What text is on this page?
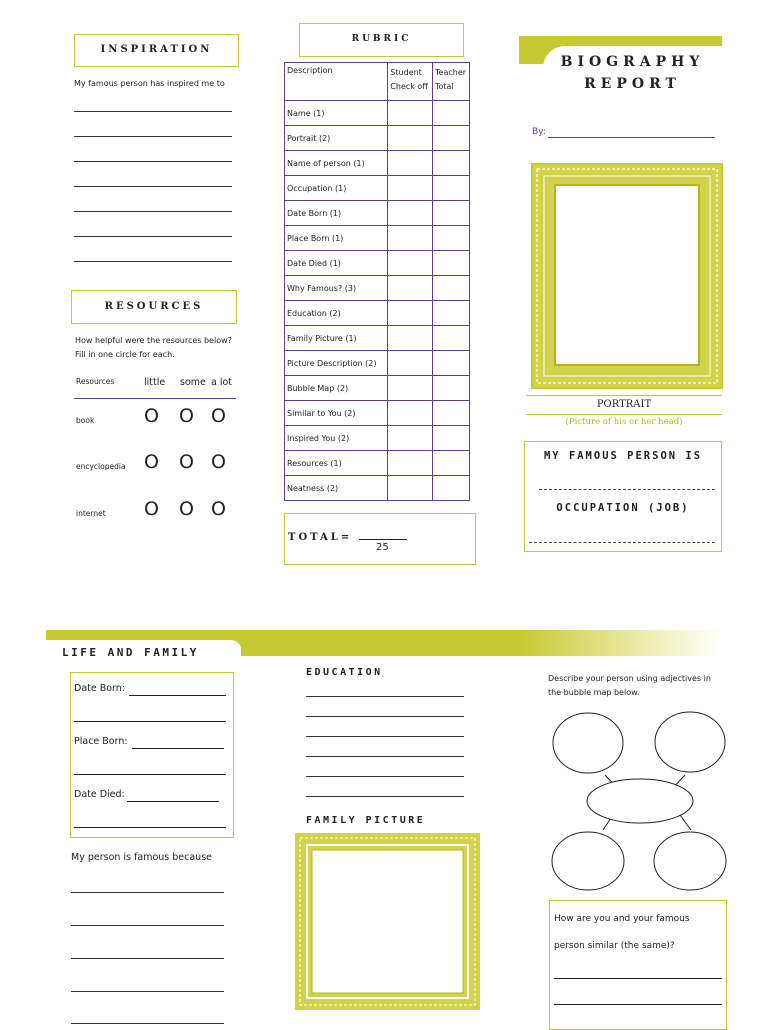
INSPIRATION
My famous person has inspired me to
RESOURCES
How helpful were the resources below? Fill in one circle for each.
Resources	little some a lot
book	O O O
encyclopedia O O O
internet O O O
RUBRIC
Description	Student Check off	Teacher Total
Name (1)		
Portrait (2)		
Name of person (1)		
Occupation (1)		
Date Born (1)		
Place Born (1)		
Date Died (1)		
Why Famous? (3)		
Education (2)		
Family Picture (1)		
Picture Description (2)		
Bubble Map (2)		
Similar to You (2)		
Inspired You (2)		
Resources (1)		
Neatness (2)		
TOTAL=
25
BIOGRAPHY
REPORT
By:
PORTRAIT
(Picture of his or her head)
MY FAMOUS PERSON IS
OCCUPATION (JOB)
LIFE AND FAMILY
Date Born:
Place Born:
Date Died:
My person is famous because
EDUCATION
FAMILY PICTURE
Describe your person using adjectives in the bubble map below.
How are you and your famous
person similar (the same)?
